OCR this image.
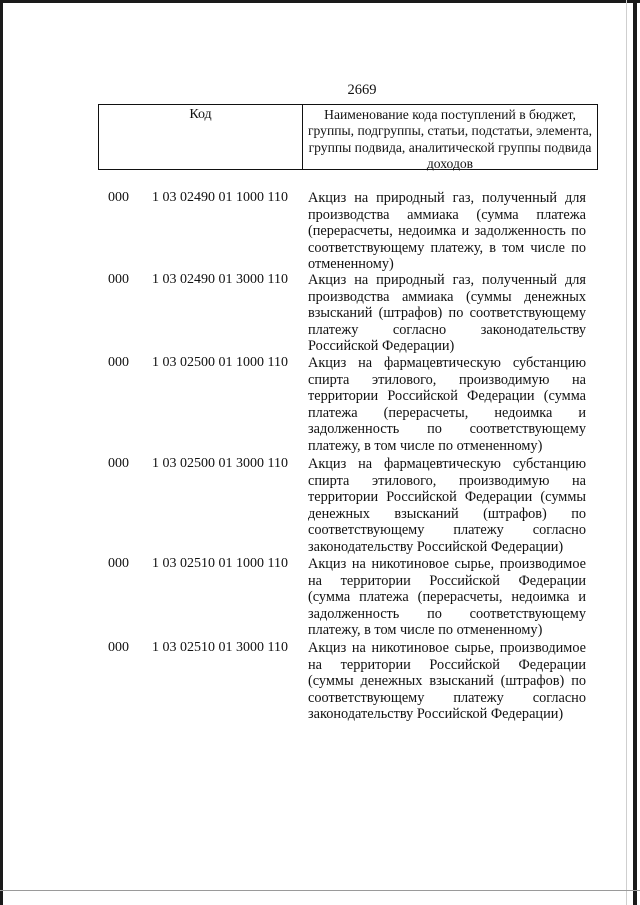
2669
Код	Наименование кода поступлений в бюджет, группы, подгруппы, статьи, подстатьи, элемента, группы подвида, аналитической группы подвида доходов
000 1 03 02490 01 1000 110 Акциз на природный газ, полученный для производства аммиака (сумма платежа (перерасчеты, недоимка и задолженность по соответствующему платежу, в том числе по отмененному)
000 1 03 02490 01 3000 110 Акциз на природный газ, полученный для производства аммиака (суммы денежных взысканий (штрафов) по соответствующему платежу согласно законодательству Российской Федерации)
000 1 03 02500 01 1000 110 Акциз на фармацевтическую субстанцию спирта этилового, производимую на территории Российской Федерации (сумма платежа (перерасчеты, недоимка и задолженность по соответствующему платежу, в том числе по отмененному)
000 1 03 02500 01 3000 110 Акциз на фармацевтическую субстанцию спирта этилового, производимую на территории Российской Федерации (суммы денежных взысканий (штрафов) по соответствующему платежу согласно законодательству Российской Федерации)
000 1 03 02510 01 1000 110 Акциз на никотиновое сырье, производимое на территории Российской Федерации (сумма платежа (перерасчеты, недоимка и задолженность по соответствующему платежу, в том числе по отмененному)
000 1 03 02510 01 3000 110 Акциз на никотиновое сырье, производимое на территории Российской Федерации (суммы денежных взысканий (штрафов) по соответствующему платежу согласно законодательству Российской Федерации)
